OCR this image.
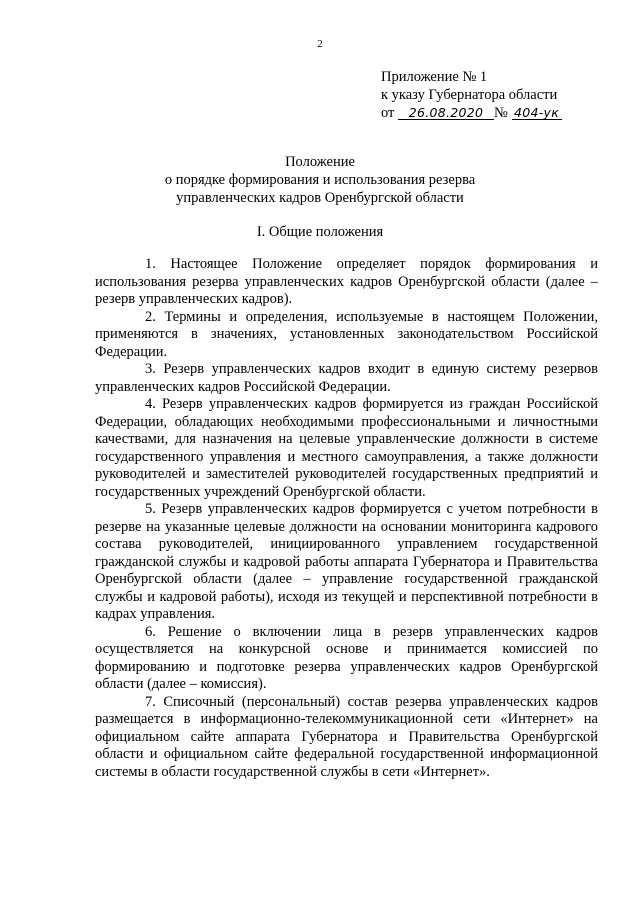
2
Приложение № 1
к указу Губернатора области
от 26.08.2020 № 404-ук
Положение
о порядке формирования и использования резерва
управленческих кадров Оренбургской области
I. Общие положения

1. Настоящее Положение определяет порядок формирования и использования резерва управленческих кадров Оренбургской области (далее – резерв управленческих кадров).

2. Термины и определения, используемые в настоящем Положении, применяются в значениях, установленных законодательством Российской Федерации.

3. Резерв управленческих кадров входит в единую систему резервов управленческих кадров Российской Федерации.

4. Резерв управленческих кадров формируется из граждан Российской Федерации, обладающих необходимыми профессиональными и личностными качествами, для назначения на целевые управленческие должности в системе государственного управления и местного самоуправления, а также должности руководителей и заместителей руководителей государственных предприятий и государственных учреждений Оренбургской области.

5. Резерв управленческих кадров формируется с учетом потребности в резерве на указанные целевые должности на основании мониторинга кадрового состава руководителей, инициированного управлением государственной гражданской службы и кадровой работы аппарата Губернатора и Правительства Оренбургской области (далее – управление государственной гражданской службы и кадровой работы), исходя из текущей и перспективной потребности в кадрах управления.

6. Решение о включении лица в резерв управленческих кадров осуществляется на конкурсной основе и принимается комиссией по формированию и подготовке резерва управленческих кадров Оренбургской области (далее – комиссия).

7. Списочный (персональный) состав резерва управленческих кадров размещается в информационно-телекоммуникационной сети «Интернет» на официальном сайте аппарата Губернатора и Правительства Оренбургской области и официальном сайте федеральной государственной информационной системы в области государственной службы в сети «Интернет».
